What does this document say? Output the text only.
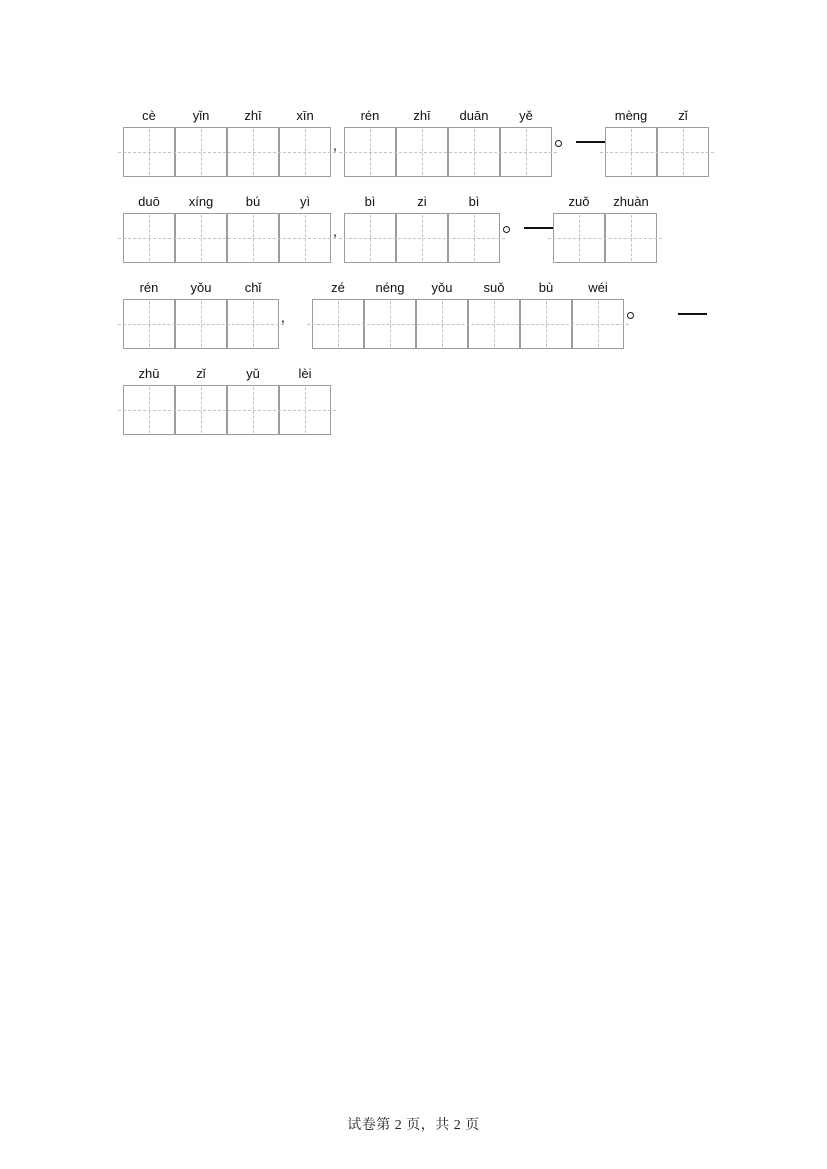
cè	yǐn	zhī	xīn
,
rén	zhī	duān	yě	mèng	zǐ
duō	xíng	bú	yì
,
bì	zi	bì	zuǒ	zhuàn
rén	yǒu	chǐ
,
zé	néng	yǒu	suǒ	bù	wéi
zhū	zǐ	yǔ	lèi
试卷第 2 页，共 2 页
